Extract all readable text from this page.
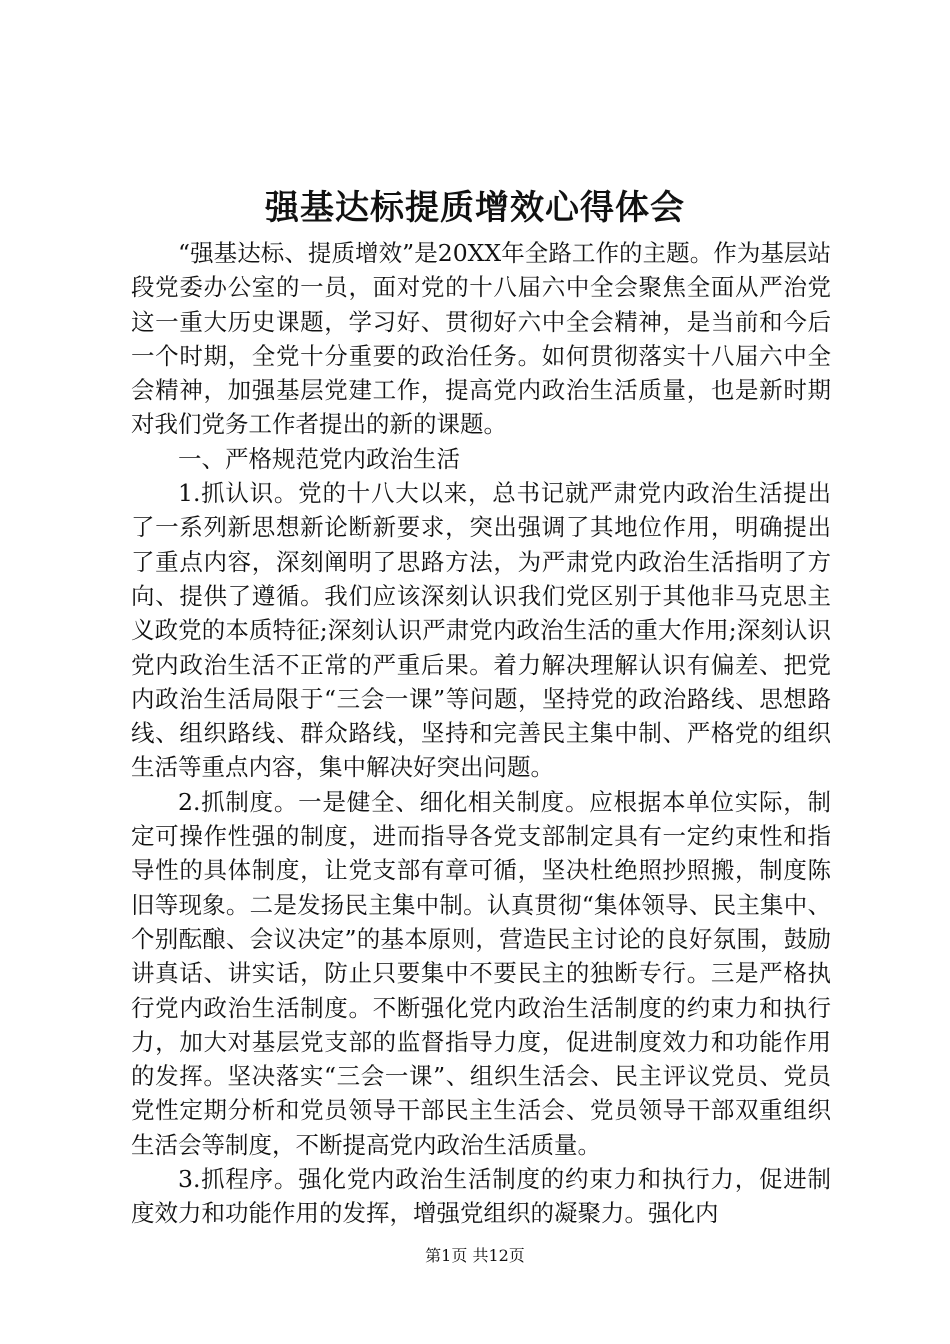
强基达标提质增效心得体会

“强基达标、提质增效”是20XX年全路工作的主题。作为基层站段党委办公室的一员，面对党的十八届六中全会聚焦全面从严治党这一重大历史课题，学习好、贯彻好六中全会精神，是当前和今后一个时期，全党十分重要的政治任务。如何贯彻落实十八届六中全会精神，加强基层党建工作，提高党内政治生活质量，也是新时期对我们党务工作者提出的新的课题。

一、严格规范党内政治生活

1.抓认识。党的十八大以来，总书记就严肃党内政治生活提出了一系列新思想新论断新要求，突出强调了其地位作用，明确提出了重点内容，深刻阐明了思路方法，为严肃党内政治生活指明了方向、提供了遵循。我们应该深刻认识我们党区别于其他非马克思主义政党的本质特征;深刻认识严肃党内政治生活的重大作用;深刻认识党内政治生活不正常的严重后果。着力解决理解认识有偏差、把党内政治生活局限于“三会一课”等问题，坚持党的政治路线、思想路线、组织路线、群众路线，坚持和完善民主集中制、严格党的组织生活等重点内容，集中解决好突出问题。

2.抓制度。一是健全、细化相关制度。应根据本单位实际，制定可操作性强的制度，进而指导各党支部制定具有一定约束性和指导性的具体制度，让党支部有章可循，坚决杜绝照抄照搬，制度陈旧等现象。二是发扬民主集中制。认真贯彻“集体领导、民主集中、个别酝酿、会议决定”的基本原则，营造民主讨论的良好氛围，鼓励讲真话、讲实话，防止只要集中不要民主的独断专行。三是严格执行党内政治生活制度。不断强化党内政治生活制度的约束力和执行力，加大对基层党支部的监督指导力度，促进制度效力和功能作用的发挥。坚决落实“三会一课”、组织生活会、民主评议党员、党员党性定期分析和党员领导干部民主生活会、党员领导干部双重组织生活会等制度，不断提高党内政治生活质量。

3.抓程序。强化党内政治生活制度的约束力和执行力，促进制度效力和功能作用的发挥，增强党组织的凝聚力。强化内

第1页 共12页
